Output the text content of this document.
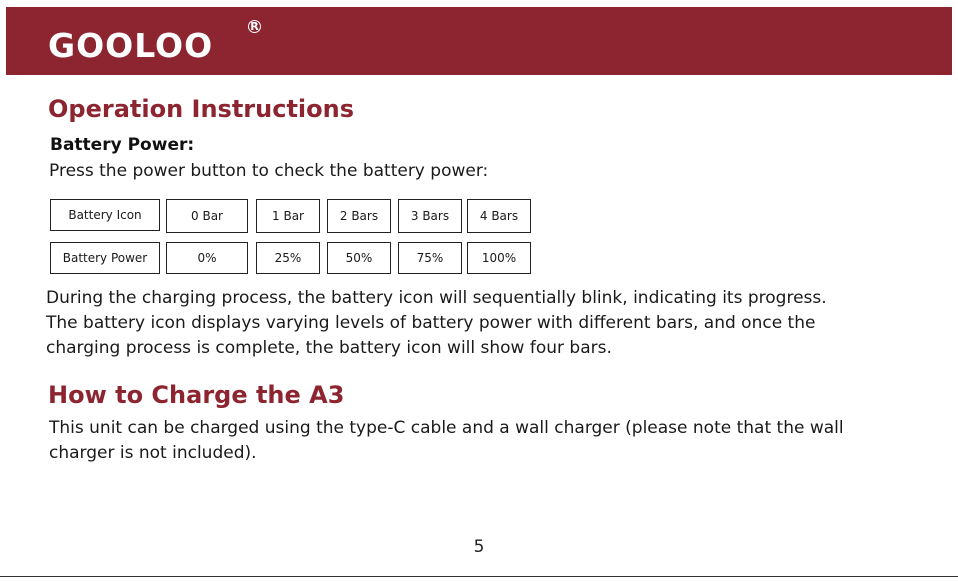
GOOLOO	R
Operation Instructions
Battery Power:
Press the power button to check the battery power:
Battery Icon	0 Bar	1 Bar	2 Bars	3 Bars	4 Bars
Battery Power	0%	25%	50%	75%	100%
During the charging process, the battery icon will sequentially blink, indicating its progress.
The battery icon displays varying levels of battery power with different bars, and once the
charging process is complete, the battery icon will show four bars.
How to Charge the A3
This unit can be charged using the type-C cable and a wall charger (please note that the wall
charger is not included).
5
